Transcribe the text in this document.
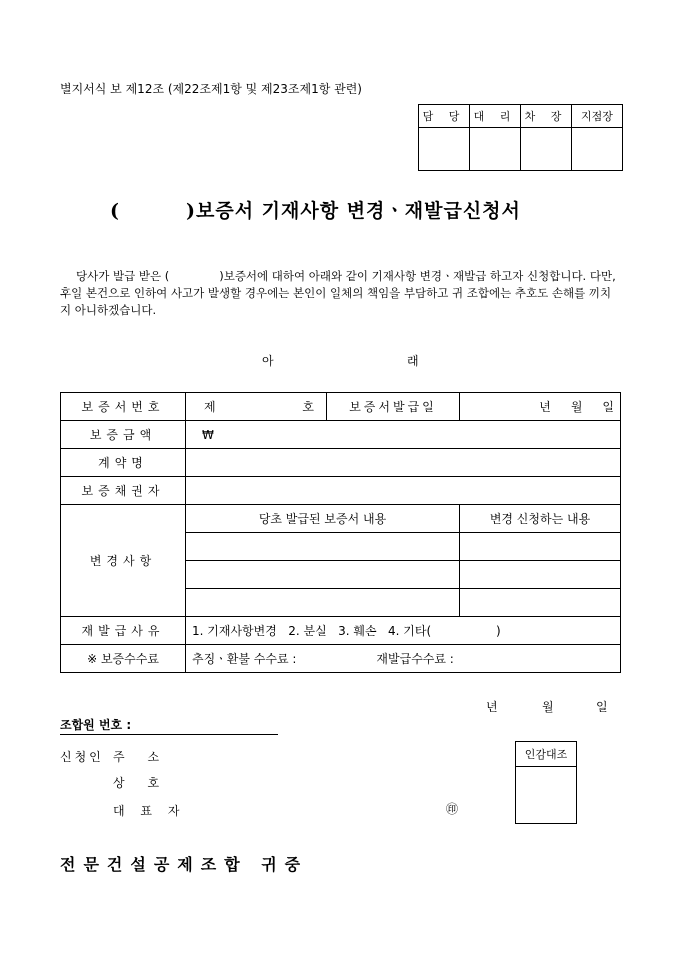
별지서식 보 제12조 (제22조제1항 및 제23조제1항 관련)
담 당	대 리	차 장	지점장

(	)보증서 기재사항 변경ㆍ재발급신청서
당사가 발급 받은 (	)보증서에 대하여 아래와 같이 기재사항 변경ㆍ재발급 하고자 신청합니다. 다만, 후일 본건으로 인하여 사고가 발생할 경우에는 본인이 일체의 책임을 부담하고 귀 조합에는 추호도 손해를 끼치지 아니하겠습니다.
아	래
보증서번호	제 호	보증서발급일	년 월 일
보증금액	₩		
계약명			
보증채권자			
변경사항	당초 발급된 보증서 내용		변경 신청하는 내용

재발급사유	1. 기재사항변경   2. 분실   3. 훼손   4. 기타(                 )		
※ 보증수수료	추징ㆍ환불 수수료 : 재발급수수료 :		
년	월	일
조합원 번호 :
신청인 주      소
상      호
대 표 자	㊞
인감대조

전문건설공제조합 귀중
